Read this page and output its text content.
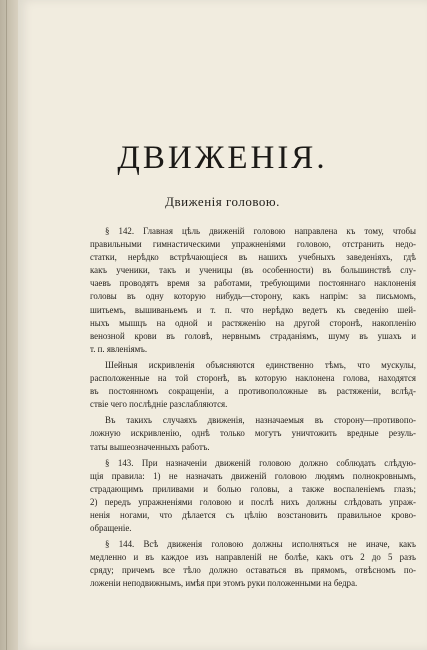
ДВИЖЕНІЯ.
Движенія головою.
§ 142. Главная цѣль движеній головою направлена къ тому, чтобы
правильными гимнастическими упражненіями головою, отстранить недо-
статки, нерѣдко встрѣчающіеся въ нашихъ учебныхъ заведеніяхъ, гдѣ
какъ ученики, такъ и ученицы (въ особенности) въ большинствѣ слу-
чаевъ проводятъ время за работами, требующими постояннаго наклоненія
головы въ одну которую нибудь—сторону, какъ напрім: за письмомъ,
шитьемъ, вышиваньемъ и т. п. что нерѣдко ведетъ къ сведенію шей-
ныхъ мышцъ на одной и растяженію на другой сторонѣ, накопленію
венозной крови въ головѣ, нервнымъ страданіямъ, шуму въ ушахъ и
т. п. явленіямъ.
Шейныя искривленія объясняются единственно тѣмъ, что мускулы,
расположенные на той сторонѣ, въ которую наклонена голова, находятся
въ постоянномъ сокращеніи, а противоположные въ растяженіи, вслѣд-
ствіе чего послѣдніе разслабляются.
Въ такихъ случаяхъ движенія, назначаемыя въ сторону—противопо-
ложную искривленію, однѣ только могутъ уничтожить вредные резуль-
таты вышеозначенныхъ работъ.
§ 143. При назначеніи движеній головою должно соблюдать слѣдую-
щія правила: 1) не назначать движеній головою людямъ полнокровнымъ,
страдающимъ приливами и болью головы, а также воспаленіемъ глазъ;
2) передъ упражненіями головою и послѣ нихъ должны слѣдовать упраж-
ненія ногами, что дѣлается съ цѣлію возстановить правильное крово-
обращеніе.
§ 144. Всѣ движенія головою должны исполняться не иначе, какъ
медленно и въ каждое изъ направленій не болѣе, какъ отъ 2 до 5 разъ
сряду; причемъ все тѣло должно оставаться въ прямомъ, отвѣсномъ по-
ложеніи неподвижнымъ, имѣя при этомъ руки положенными на бедра.
